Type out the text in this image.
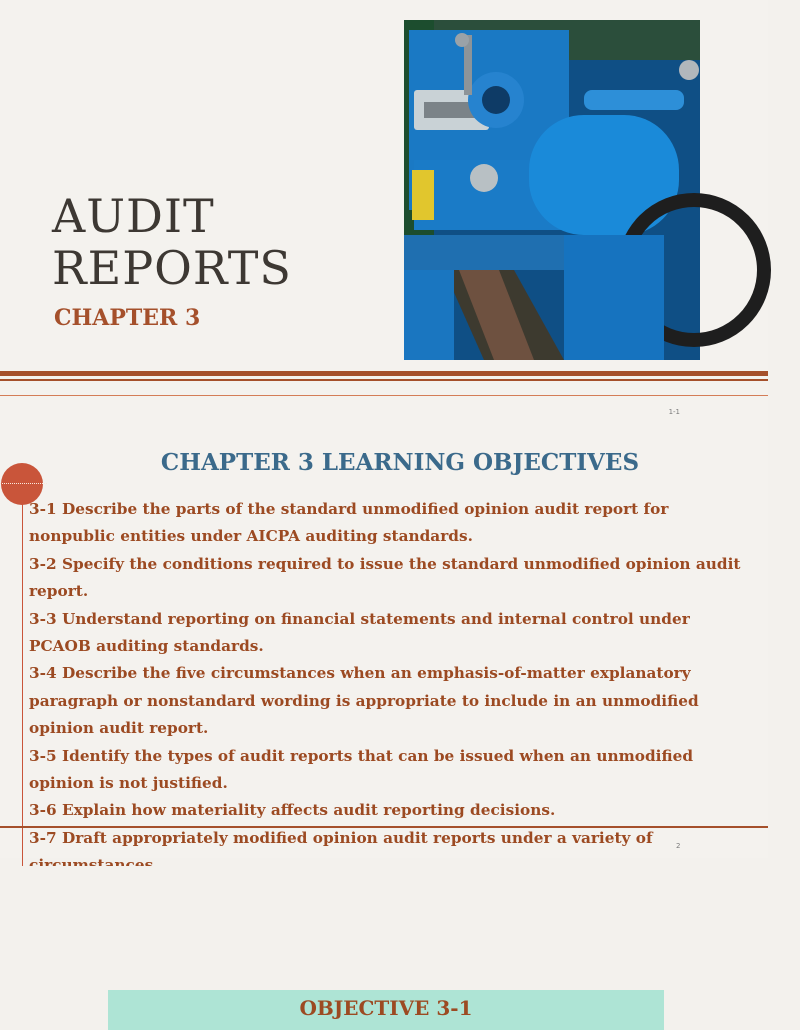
AUDIT
REPORTS
CHAPTER 3
1-1
CHAPTER 3 LEARNING OBJECTIVES

3-1 Describe the parts of the standard unmodified opinion audit report for nonpublic entities under AICPA auditing standards.

3-2 Specify the conditions required to issue the standard unmodified opinion audit report.

3-3 Understand reporting on financial statements and internal control under PCAOB auditing standards.

3-4 Describe the five circumstances when an emphasis-of-matter explanatory paragraph or nonstandard wording is appropriate to include in an unmodified opinion audit report.

3-5 Identify the types of audit reports that can be issued when an unmodified opinion is not justified.

3-6 Explain how materiality affects audit reporting decisions.

3-7 Draft appropriately modified opinion audit reports under a variety of	2
OBJECTIVE 3-1
